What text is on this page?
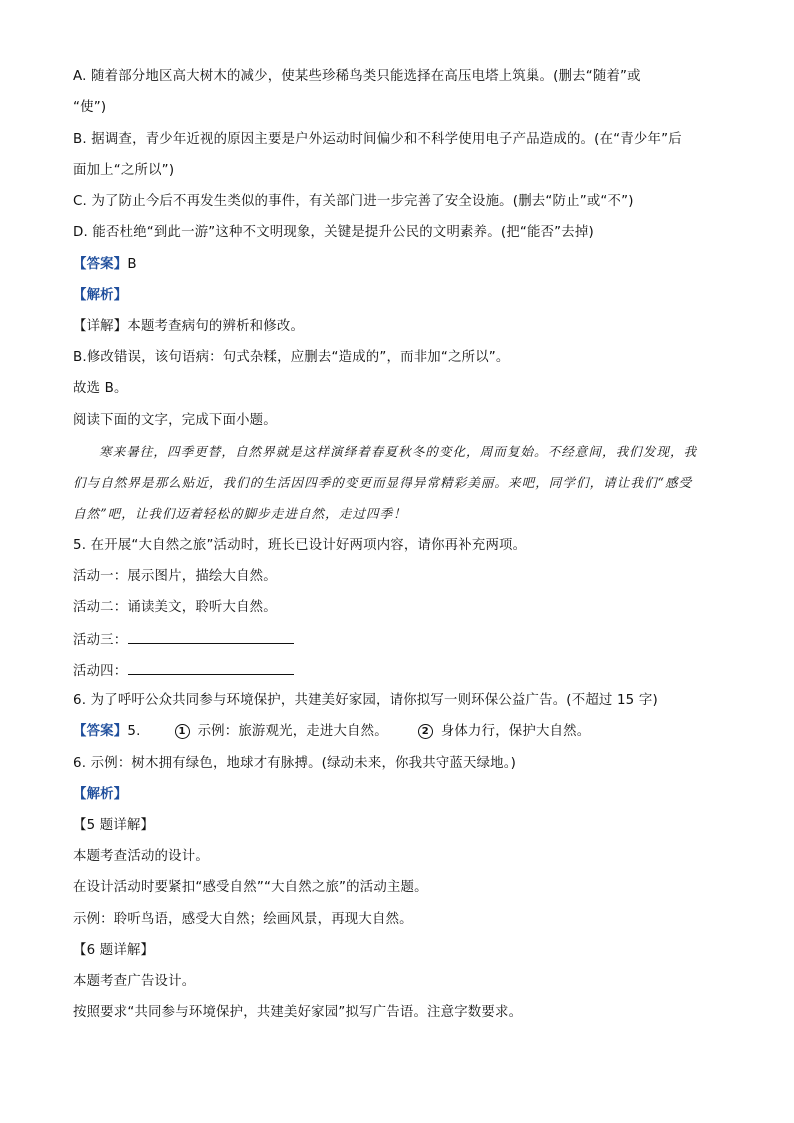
A. 随着部分地区高大树木的减少，使某些珍稀鸟类只能选择在高压电塔上筑巢。(删去“随着”或
“使”)
B. 据调查，青少年近视的原因主要是户外运动时间偏少和不科学使用电子产品造成的。(在“青少年”后
面加上“之所以”)
C. 为了防止今后不再发生类似的事件，有关部门进一步完善了安全设施。(删去“防止”或“不”)
D. 能否杜绝“到此一游”这种不文明现象，关键是提升公民的文明素养。(把“能否”去掉)
【答案】B
【解析】
【详解】本题考查病句的辨析和修改。
B.修改错误，该句语病：句式杂糅，应删去“造成的”，而非加“之所以”。
故选 B。
阅读下面的文字，完成下面小题。
寒来暑往，四季更替，自然界就是这样演绎着春夏秋冬的变化，周而复始。不经意间，我们发现，我
们与自然界是那么贴近，我们的生活因四季的变更而显得异常精彩美丽。来吧，同学们，请让我们“感受
自然”吧，让我们迈着轻松的脚步走进自然，走过四季！
5. 在开展“大自然之旅”活动时，班长已设计好两项内容，请你再补充两项。
活动一：展示图片，描绘大自然。
活动二：诵读美文，聆听大自然。
活动三：
活动四：
6. 为了呼吁公众共同参与环境保护，共建美好家园，请你拟写一则环保公益广告。(不超过 15 字)
【答案】5.	1 示例：旅游观光，走进大自然。	2 身体力行，保护大自然。
6. 示例：树木拥有绿色，地球才有脉搏。(绿动未来，你我共守蓝天绿地。)
【解析】
【5 题详解】
本题考查活动的设计。
在设计活动时要紧扣“感受自然”“大自然之旅”的活动主题。
示例：聆听鸟语，感受大自然；绘画风景，再现大自然。
【6 题详解】
本题考查广告设计。
按照要求“共同参与环境保护，共建美好家园”拟写广告语。注意字数要求。
